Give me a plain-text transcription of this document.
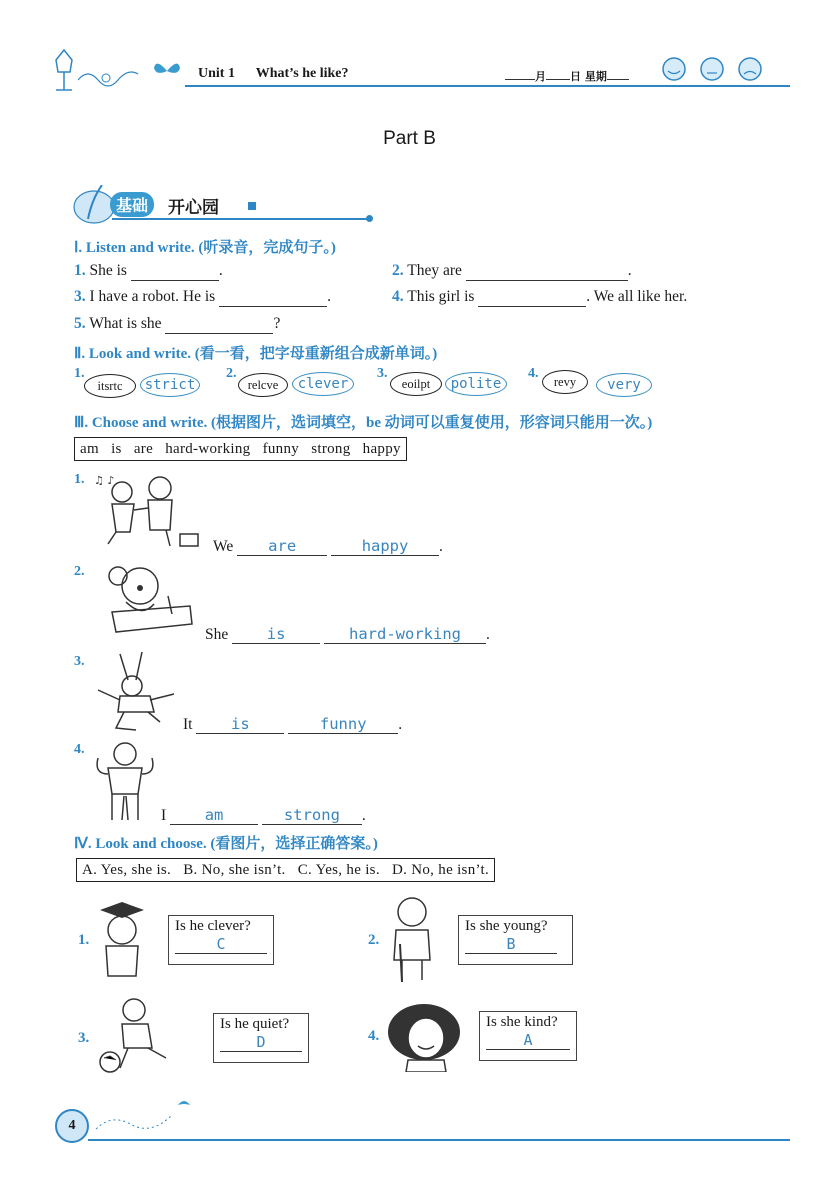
Unit 1 What’s he like?	月 日 星期
Part B
基础	开心园
Ⅰ. Listen and write. (听录音，完成句子。)
1. She is	.	2. They are	.
3. I have a robot. He is	.	4. This girl is	. We all like her.
5. What is she	?
Ⅱ. Look and write. (看一看，把字母重新组合成新单词。)
1.
itsrtc	strict
2.
relcve	clever
3.
eoilpt	polite
4.
revy	very
Ⅲ. Choose and write. (根据图片，选词填空，be 动词可以重复使用，形容词只能用一次。)
am   is   are   hard-working   funny   strong   happy
1. ♫ ♪
We are	happy .
2.
She is	hard-working .
3.
It is	funny .
4.
I am	strong .
Ⅳ. Look and choose. (看图片，选择正确答案。)
A. Yes, she is.   B. No, she isn’t.   C. Yes, he is.   D. No, he isn’t.
1.
Is he clever?
C	2.
Is she young?
B
3.
Is he quiet?
D	4.
Is she kind?
A
4
